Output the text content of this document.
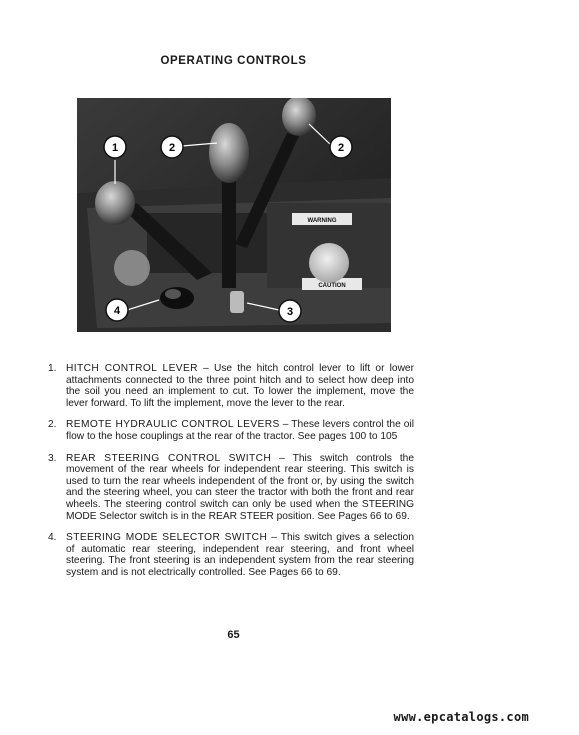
OPERATING CONTROLS
WARNING
CAUTION
1	2	2
3
4
1. HITCH CONTROL LEVER – Use the hitch control lever to lift or lower attachments connected to the three point hitch and to select how deep into the soil you need an implement to cut. To lower the implement, move the lever forward. To lift the implement, move the lever to the rear.
2. REMOTE HYDRAULIC CONTROL LEVERS – These levers control the oil flow to the hose couplings at the rear of the tractor. See pages 100 to 105
3. REAR STEERING CONTROL SWITCH – This switch controls the movement of the rear wheels for independent rear steering. This switch is used to turn the rear wheels independent of the front or, by using the switch and the steering wheel, you can steer the tractor with both the front and rear wheels. The steering control switch can only be used when the STEERING MODE Selector switch is in the REAR STEER position. See Pages 66 to 69.
4. STEERING MODE SELECTOR SWITCH – This switch gives a selection of automatic rear steering, independent rear steering, and front wheel steering. The front steering is an independent system from the rear steering system and is not electrically controlled. See Pages 66 to 69.
65
www.epcatalogs.com
